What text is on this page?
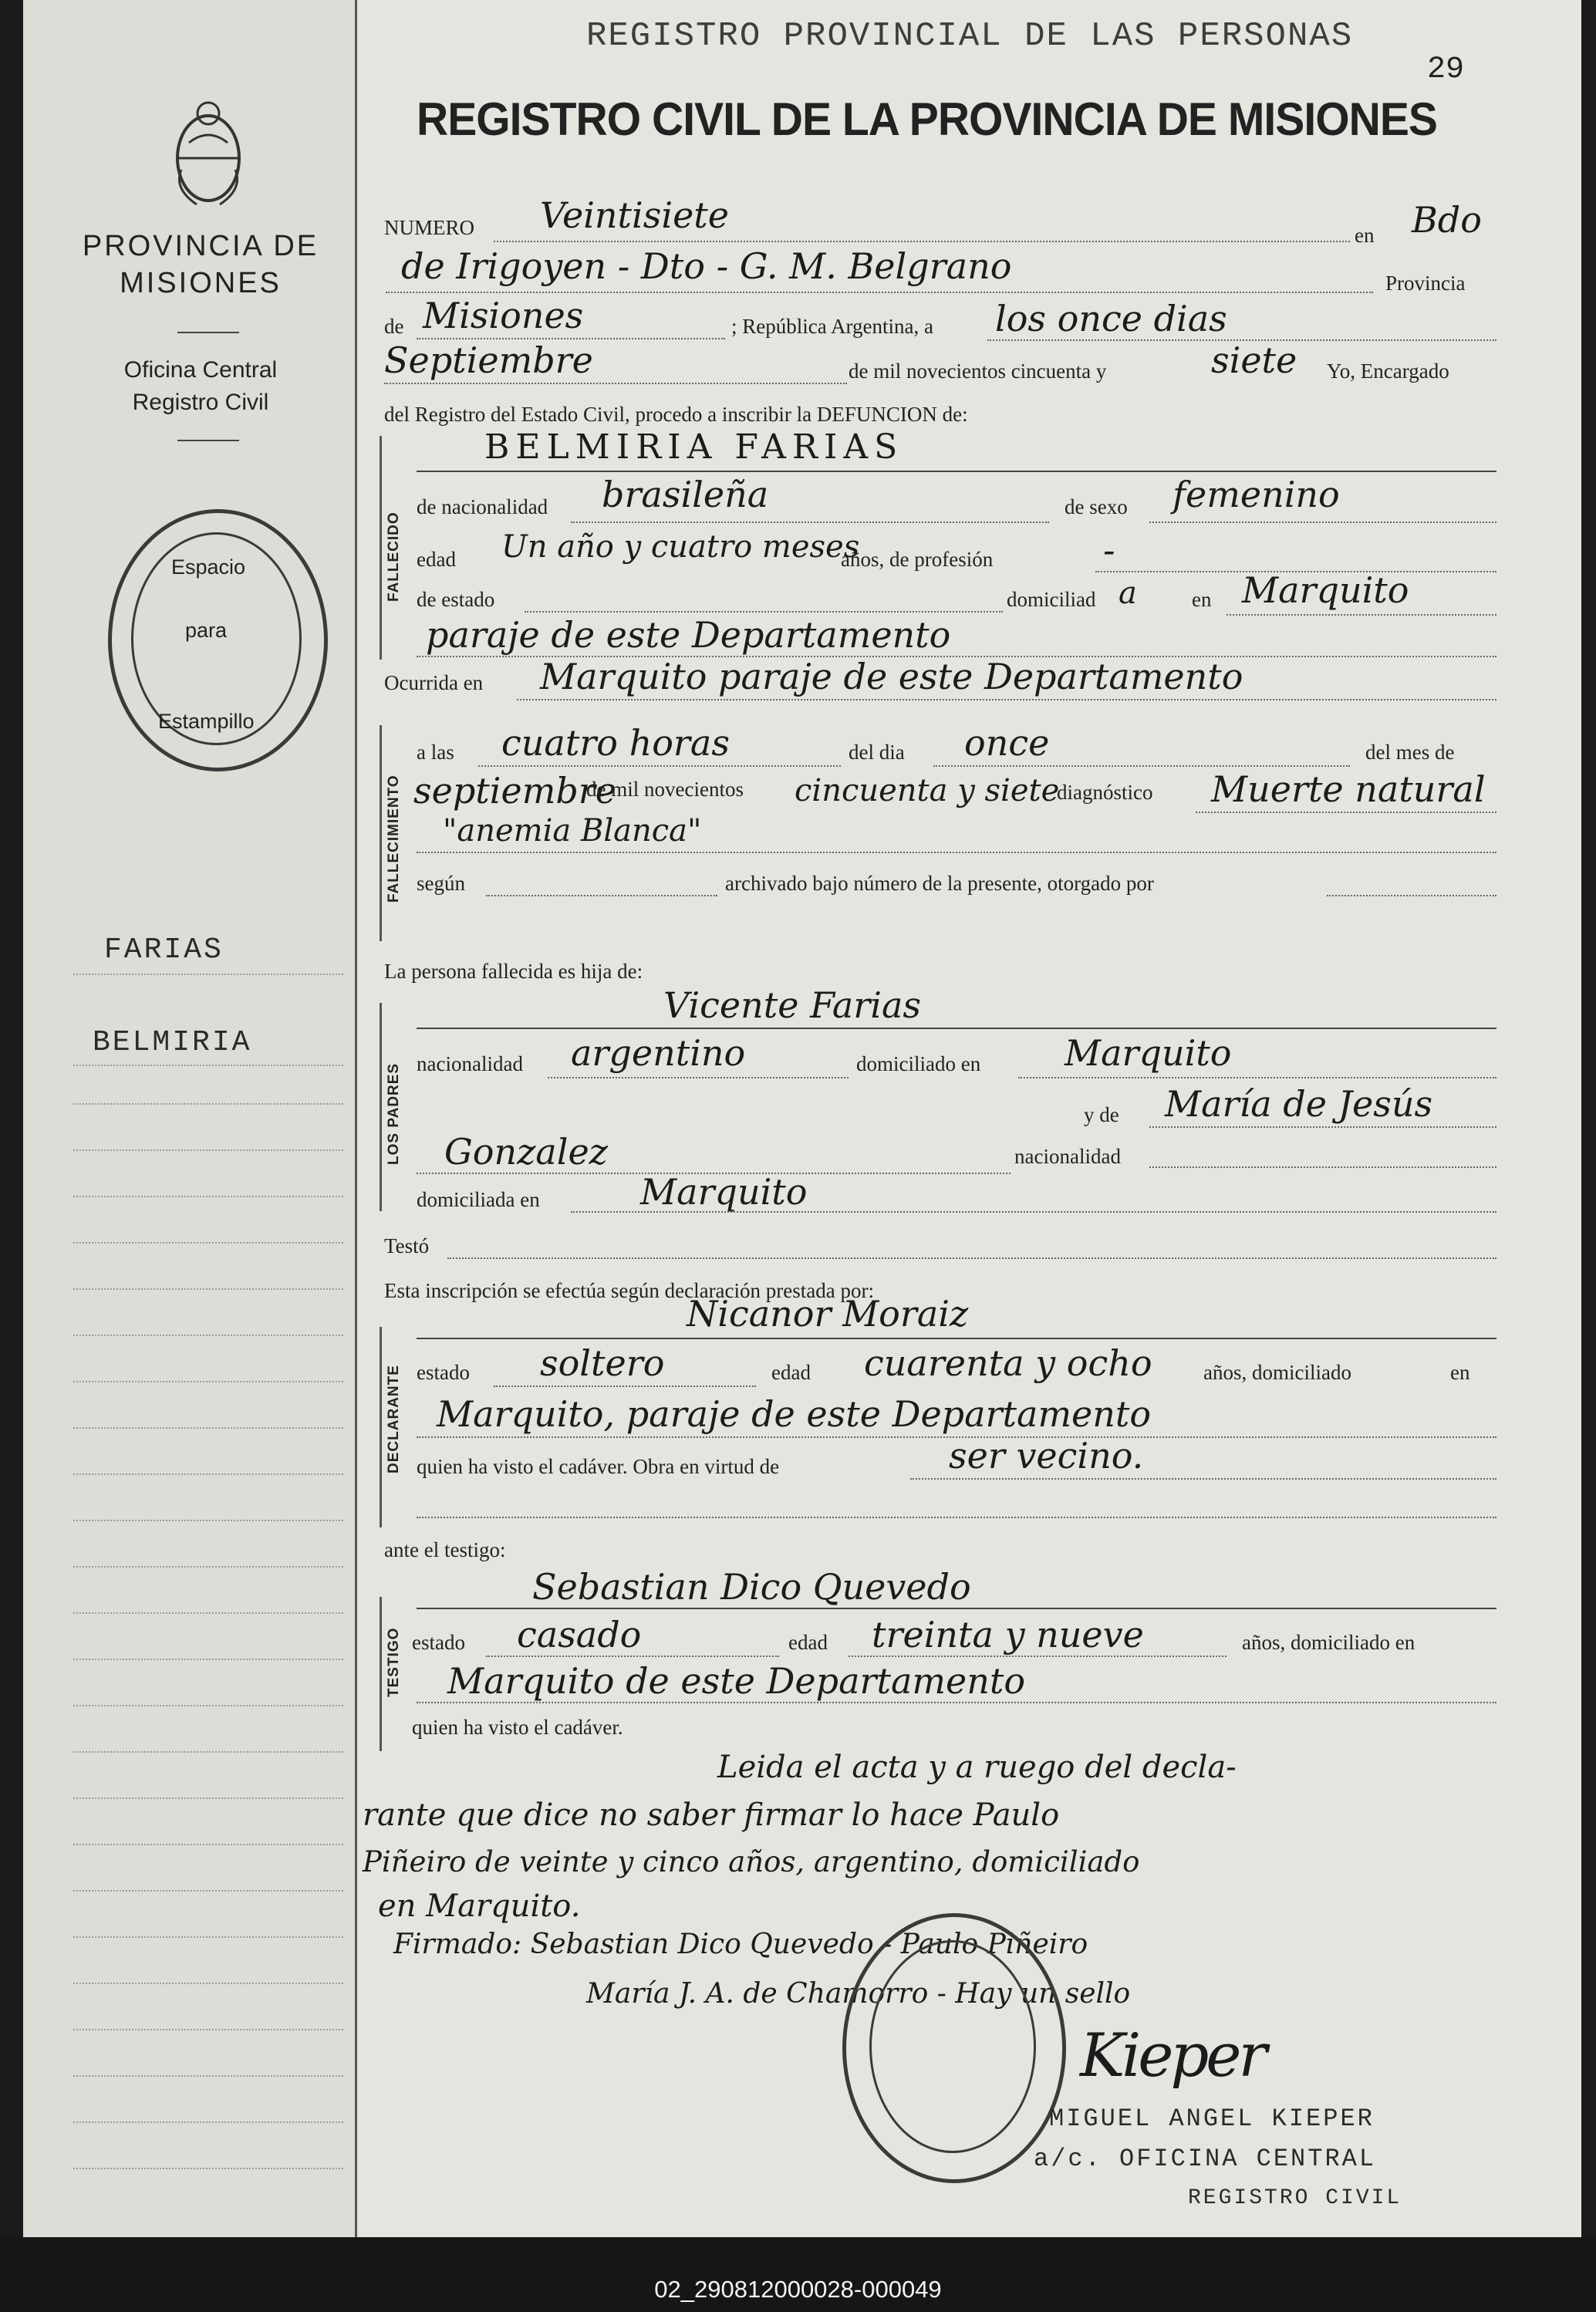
PROVINCIA DE
MISIONES
Oficina Central
Registro Civil
Espacio
para
Estampillo
FARIAS
BELMIRIA
REGISTRO PROVINCIAL DE LAS PERSONAS
29
REGISTRO CIVIL DE LA PROVINCIA DE MISIONES
NUMERO Veintisiete	en Bdo
de Irigoyen - Dto - G. M. Belgrano	Provincia
de Misiones	; República Argentina, a los once dias
Septiembre	de mil novecientos cincuenta y	siete Yo, Encargado
del Registro del Estado Civil, procedo a inscribir la DEFUNCION de:
FALLECIDO
BELMIRIA FARIAS
de nacionalidad brasileña	de sexo femenino
edad Un año y cuatro meses
años, de profesión	-
de estado	domiciliad a	en Marquito
paraje de este Departamento
Ocurrida en Marquito paraje de este Departamento
FALLECIMIENTO
a las cuatro horas	del dia once	del mes de
septiembre
de mil novecientos cincuenta y siete
diagnóstico Muerte natural
"anemia Blanca"
según	archivado bajo número de la presente, otorgado por
La persona fallecida es hija de:
LOS PADRES
Vicente Farias
nacionalidad argentino	domiciliado en Marquito
y de María de Jesús
Gonzalez	nacionalidad
domiciliada en	Marquito
Testó
Esta inscripción se efectúa según declaración prestada por:
DECLARANTE
Nicanor Moraiz
estado soltero	edad cuarenta y ocho años, domiciliado	en
Marquito, paraje de este Departamento
quien ha visto el cadáver. Obra en virtud de	ser vecino.
ante el testigo:
TESTIGO
Sebastian Dico Quevedo
estado casado	edad treinta y nueve	años, domiciliado en
Marquito de este Departamento
quien ha visto el cadáver.
Leida el acta y a ruego del decla-
rante que dice no saber firmar lo hace Paulo
Piñeiro de veinte y cinco años, argentino, domiciliado
en Marquito.
Firmado: Sebastian Dico Quevedo - Paulo Piñeiro
María J. A. de Chamorro - Hay un sello
Kieper
MIGUEL ANGEL KIEPER
a/c. OFICINA CENTRAL
REGISTRO CIVIL
02_290812000028-000049
